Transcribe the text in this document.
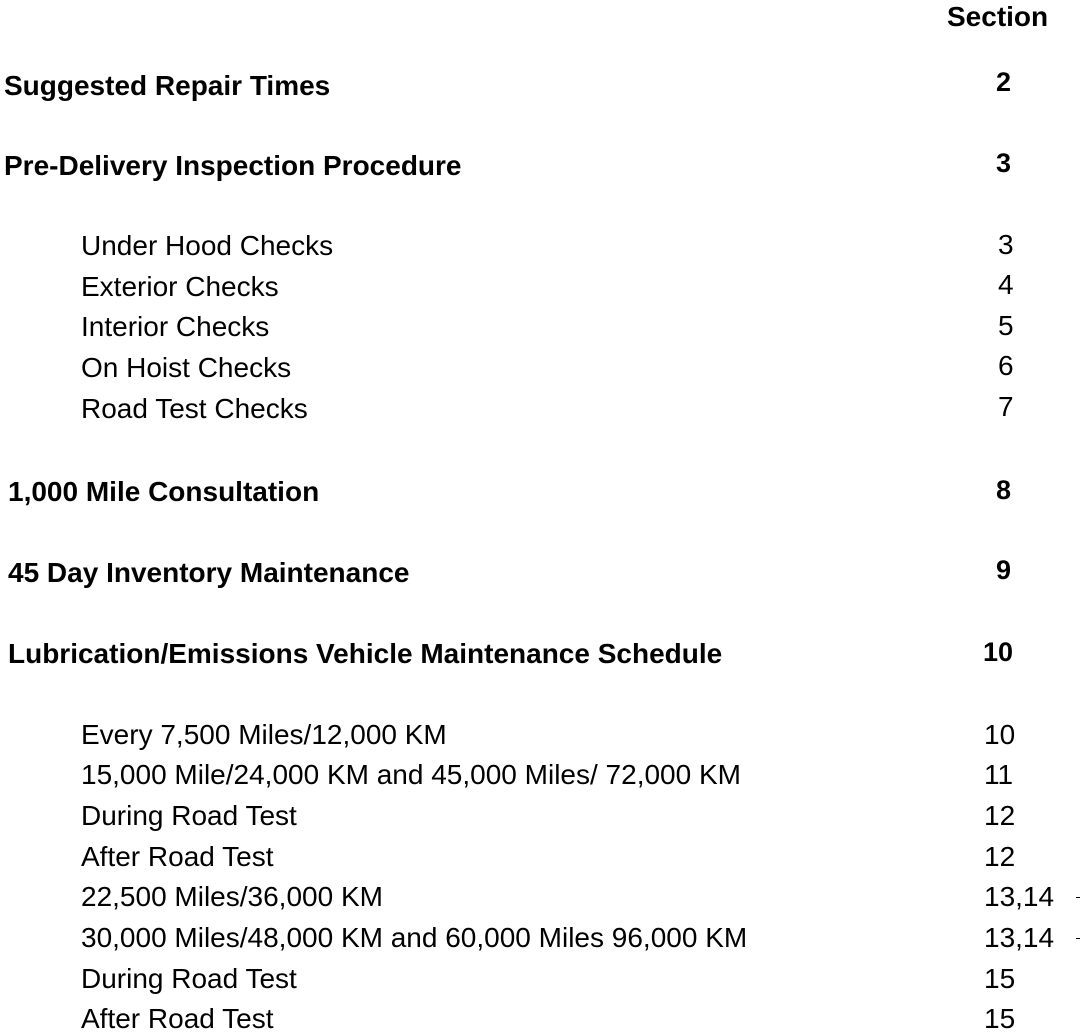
Section
Suggested Repair Times	2
Pre-Delivery Inspection Procedure	3
Under Hood Checks	3
Exterior Checks	4
Interior Checks	5
On Hoist Checks	6
Road Test Checks	7
1,000 Mile Consultation	8
45 Day Inventory Maintenance	9
Lubrication/Emissions Vehicle Maintenance Schedule	10
Every 7,500 Miles/12,000 KM	10
15,000 Mile/24,000 KM and 45,000 Miles/ 72,000 KM	11
During Road Test	12
After Road Test	12
22,500 Miles/36,000 KM	13,14
30,000 Miles/48,000 KM and 60,000 Miles 96,000 KM	13,14
During Road Test	15
After Road Test	15
